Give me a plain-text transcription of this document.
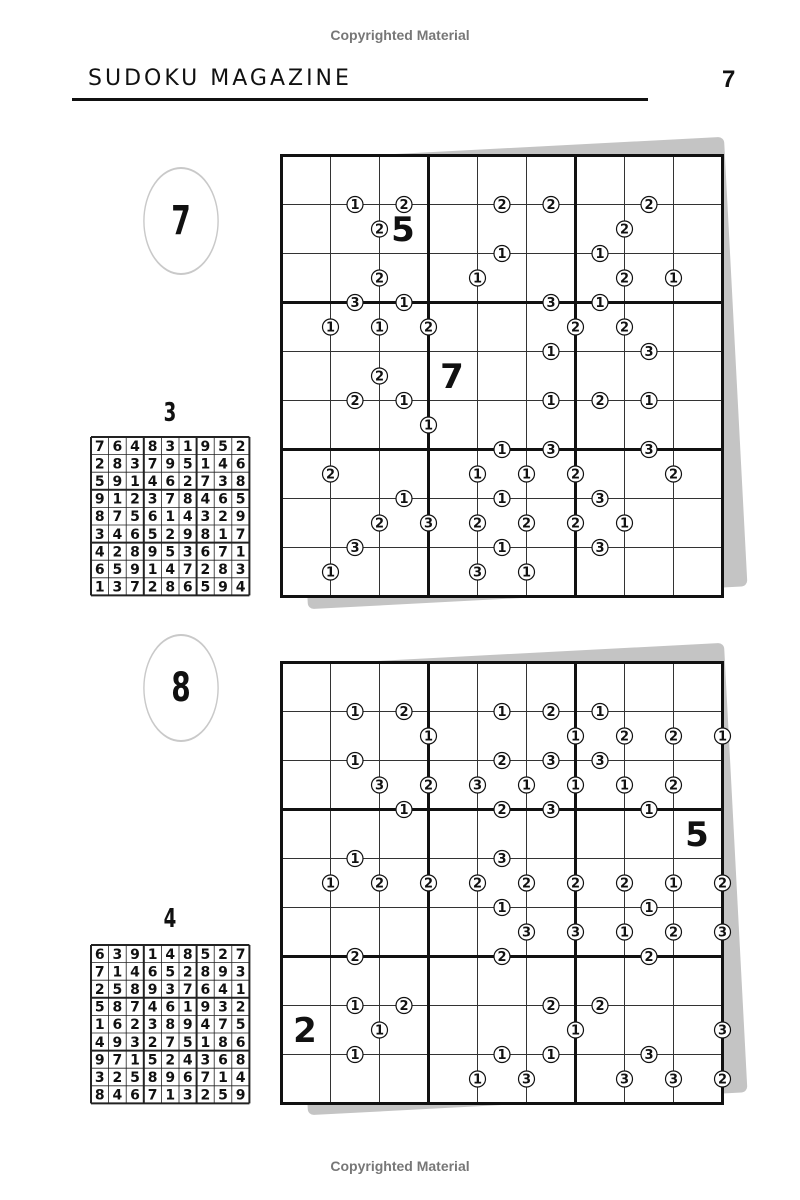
Copyrighted Material
SUDOKU MAGAZINE	7
7	2	2
2	1	2	1
1	1	2	2	2
2
1
2	1	1	2	2
2	3	2	2	2	1
1	3	1
1	2	2	2	2
1	1
3	1	3	1
1	3
2	1	1	2	1
1	3	3
1	1	3
3	1	3
5
7
3
7 6 4 8 3 1 9 5 2
2 8 3 7 9 5 1 4 6
5 9 1 4 6 2 7 3 8
9 1 2 3 7 8 4 6 5
8 7 5 6 1 4 3 2 9
3 4 6 5 2 9 8 1 7
4 2 8 9 5 3 6 7 1
6 5 9 1 4 7 2 8 3
1 3 7 2 8 6 5 9 4
8
1	1	2	2	1
3	2	3	1	1	1	2
1	2	2	2	2	2	2	1	2
3	3	1	2	3
1	1	3
1	3	3	3	2
1	2	1	2	1
1	2	3	3
1	2	3	1
1	3
1	1
2	2	2
1	2	2	2
1	1	1	3
5
2
4
6 3 9 1 4 8 5 2 7
7 1 4 6 5 2 8 9 3
2 5 8 9 3 7 6 4 1
5 8 7 4 6 1 9 3 2
1 6 2 3 8 9 4 7 5
4 9 3 2 7 5 1 8 6
9 7 1 5 2 4 3 6 8
3 2 5 8 9 6 7 1 4
8 4 6 7 1 3 2 5 9
Copyrighted Material
